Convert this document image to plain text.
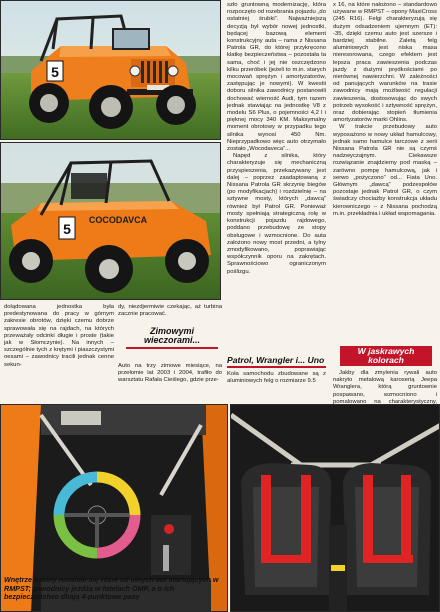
5
COCODAVCA
5

szło gruntowną modernizację, która rozpoczęto od rozebrania pojazdu „do ostatniej śrubki”. Najważniejszą decyzją był wybór nowej jednostki, będącej bazową element konstrukcyjny auta – rama z Nissana Patrola GR, do której przykręcono klatkę bezpieczeństwa – pozostała ta sama, choć i jej nie oszczędzono kilku przeróbek (jeżeli to m.in. starych mocowań sprężyn i amortyzatorów, zastępując je nowymi). W kwestii doboru silnika zawodnicy postanowili dochować wierność Audi, tym razem jednak stawiając na jednostkę V8 z modelu S6 Plus, o pojemności 4,2 l i pięknej mocy 340 KM. Maksymalny moment obrotowy w przypadku tego silnika wynosi 450 Nm. Nieprzypadkowo więc auto otrzymało zostało „Wocodaveca”...

Napęd z silnika, który charakteryzuje się mechaniczną przyspieszenia, przekazywany jest dalej – poprzez zaadaptowaną z Nissana Patrola GR skrzynię biegów (po modyfikacjach) i rozdzielnię – na sztywne mosty, których „dawcą” również był Patrol GR. Ponieważ mosty spełniają strategiczną rolę w konstrukcji pojazdu rajdowego, poddano przebudowę ze stopy obsługowe i wzmocnione. Do auta założono nowy most przedni, a tylny zmodyfikowano, poprawiając współczynnik oporu na zakrętach. Sprawnościowo ograniczonym poślizgu.

x 16, na które nałożono – standardowo używane w RMPST – opony MaxiCross (245 R16). Felgi charakteryzują się dużym odsadzeniem ujemnym (ET): -35, dzięki czemu auto jest szersze i bardziej stabilne. Zaletą felg aluminiowych jest niska masa nieresorowana, czego efektem jest lepsza praca zawieszenia podczas jazdy z dużymi prędkościami po nierównej nawierzchni. W zależności od panujących warunków na trasie zawodnicy mają możliwość regulacji zawieszenia, dostosowując do swych potrzeb wysokość i sztywność sprężyn, oraz dobierając stopień tłumienia amortyzatorów marki Ohlins.

W trakcie przebudowy auto wyposażono w nowy układ hamulcowy, jednak samo hamulce tarczowe z serii Nissana Patrola GR nie są czymś nadzwyczajnym. Ciekawsze rozwiązanie znajdziemy pod maską – zarówno pompę hamulcową, jak i serwo „pożyczono” od... Fiata Uno. Głównym „dawcą” podzespołów pozostaje jednak Patrol GR, o czym świadczy chociażby konstrukcja układu kierowniczego – z Nissana pochodzą m.in. przekładnia i układ wspomagania.

dolądowana jednostka była predestynowana do pracy w górnym zakresie obrotów, dzięki czemu dobrze sprawowała się na rajdach, na których przeważały odcinki długie i proste (takie jak w Słomczynie). Na innych – szczególnie tych z krętymi i piaszczystymi oesami – zawodnicy tracili jednak cenne sekun-

dy, niezdjermiwie czekając, aż turbina zacznie pracować.

Zimowymi wieczorami...

Auto na trzy zimowe miesiące, na przełomie lat 2003 i 2004, trafiło do warsztatu Rafała Cieślego, gdzie prze-

Patrol, Wrangler i... Uno

Koła samochodu zbudowane są z aluminiowych felg o rozmiarze 9.5

W jaskrawych kolorach

Jakby dla zmylenia rywali auto nakryto metalową karoserią Jeepa Wranglera, którą gruntownie pospawano, wzmocniono i pomalowano na charakterystyczny,

Wnętrze kabiny niewiele się różni od innych aut startujących w RMPST; zawodnicy jeżdżą w fotelach OMP, a o ich bezpieczeństwo dbają 4-punktowe pasy
